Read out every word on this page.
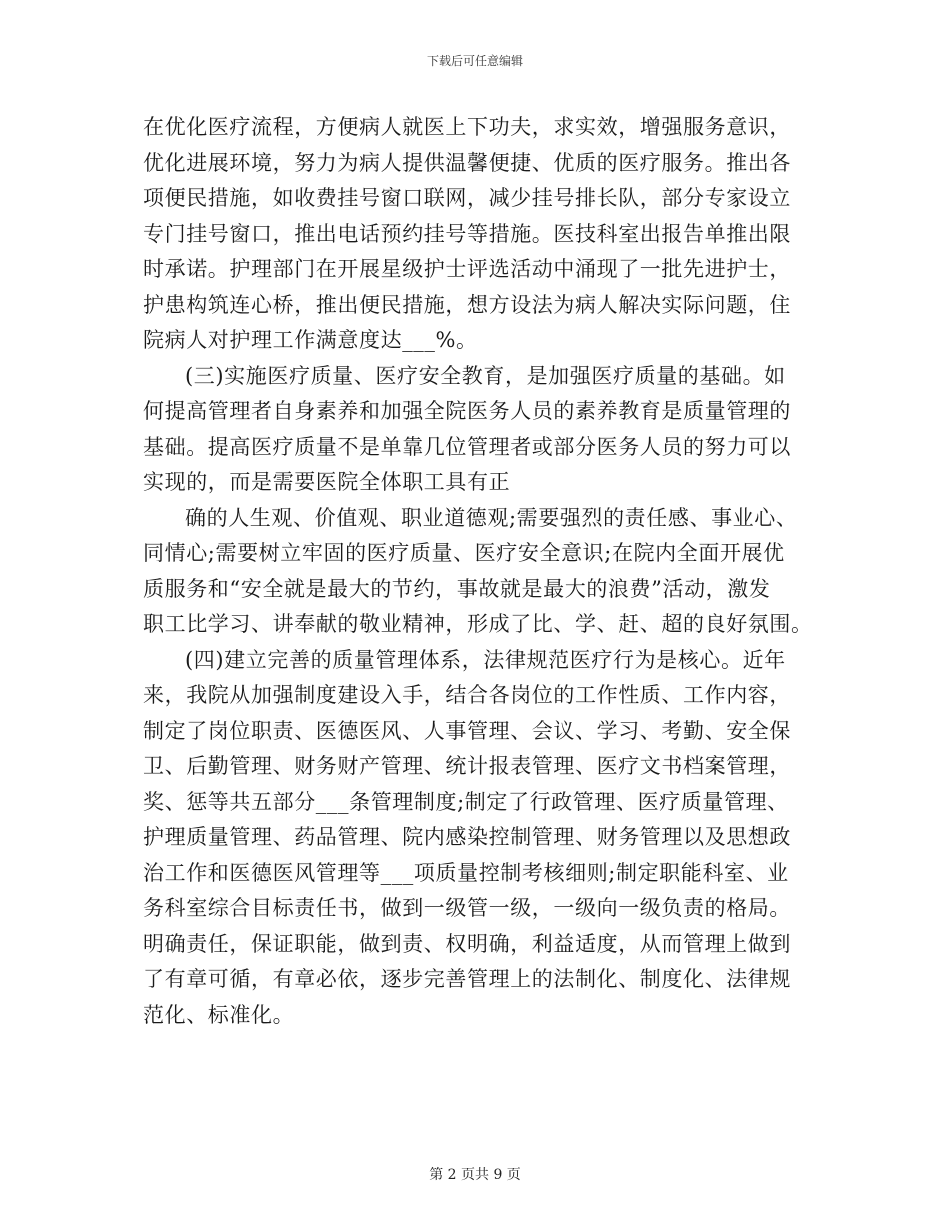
下载后可任意编辑
在优化医疗流程，方便病人就医上下功夫，求实效，增强服务意识，
优化进展环境，努力为病人提供温馨便捷、优质的医疗服务。推出各
项便民措施，如收费挂号窗口联网，减少挂号排长队，部分专家设立
专门挂号窗口，推出电话预约挂号等措施。医技科室出报告单推出限
时承诺。护理部门在开展星级护士评选活动中涌现了一批先进护士，
护患构筑连心桥，推出便民措施，想方设法为病人解决实际问题，住
院病人对护理工作满意度达___%。
(三)实施医疗质量、医疗安全教育，是加强医疗质量的基础。如
何提高管理者自身素养和加强全院医务人员的素养教育是质量管理的
基础。提高医疗质量不是单靠几位管理者或部分医务人员的努力可以
实现的，而是需要医院全体职工具有正
确的人生观、价值观、职业道德观;需要强烈的责任感、事业心、
同情心;需要树立牢固的医疗质量、医疗安全意识;在院内全面开展优
质服务和“安全就是最大的节约，事故就是最大的浪费”活动，激发
职工比学习、讲奉献的敬业精神，形成了比、学、赶、超的良好氛围。
(四)建立完善的质量管理体系，法律规范医疗行为是核心。近年
来，我院从加强制度建设入手，结合各岗位的工作性质、工作内容，
制定了岗位职责、医德医风、人事管理、会议、学习、考勤、安全保
卫、后勤管理、财务财产管理、统计报表管理、医疗文书档案管理，
奖、惩等共五部分___条管理制度;制定了行政管理、医疗质量管理、
护理质量管理、药品管理、院内感染控制管理、财务管理以及思想政
治工作和医德医风管理等___项质量控制考核细则;制定职能科室、业
务科室综合目标责任书，做到一级管一级，一级向一级负责的格局。
明确责任，保证职能，做到责、权明确，利益适度，从而管理上做到
了有章可循，有章必依，逐步完善管理上的法制化、制度化、法律规
范化、标准化。
第 2 页共 9 页
